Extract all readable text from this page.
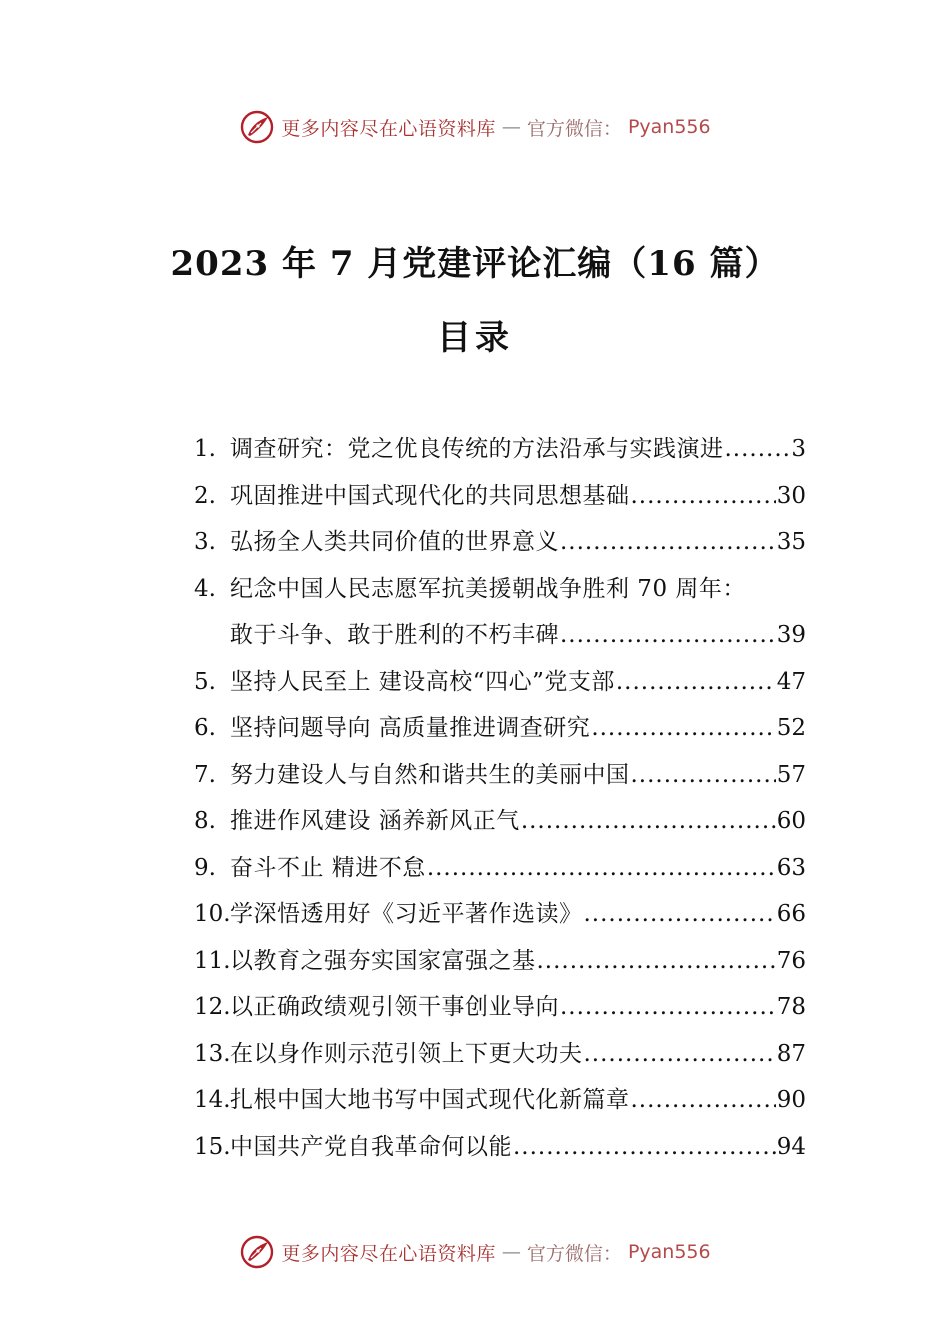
更多内容尽在心语资料库 — 官方微信： Pyan556
2023 年 7 月党建评论汇编（16 篇）
目录
1. 调查研究：党之优良传统的方法沿承与实践演进 .....	3
2. 巩固推进中国式现代化的共同思想基础 .....	30
3. 弘扬全人类共同价值的世界意义 .....	35
4. 纪念中国人民志愿军抗美援朝战争胜利 70 周年：
敢于斗争、敢于胜利的不朽丰碑 .....	39
5. 坚持人民至上 建设高校“四心”党支部 .....	47
6. 坚持问题导向 高质量推进调查研究 .....	52
7. 努力建设人与自然和谐共生的美丽中国 .....	57
8. 推进作风建设 涵养新风正气 .....	60
9. 奋斗不止 精进不怠 .....	63
10. 学深悟透用好《习近平著作选读》 .....	66
11. 以教育之强夯实国家富强之基 .....	76
12. 以正确政绩观引领干事创业导向 .....	78
13. 在以身作则示范引领上下更大功夫 .....	87
14. 扎根中国大地书写中国式现代化新篇章 .....	90
15. 中国共产党自我革命何以能 .....	94
更多内容尽在心语资料库 — 官方微信： Pyan556
